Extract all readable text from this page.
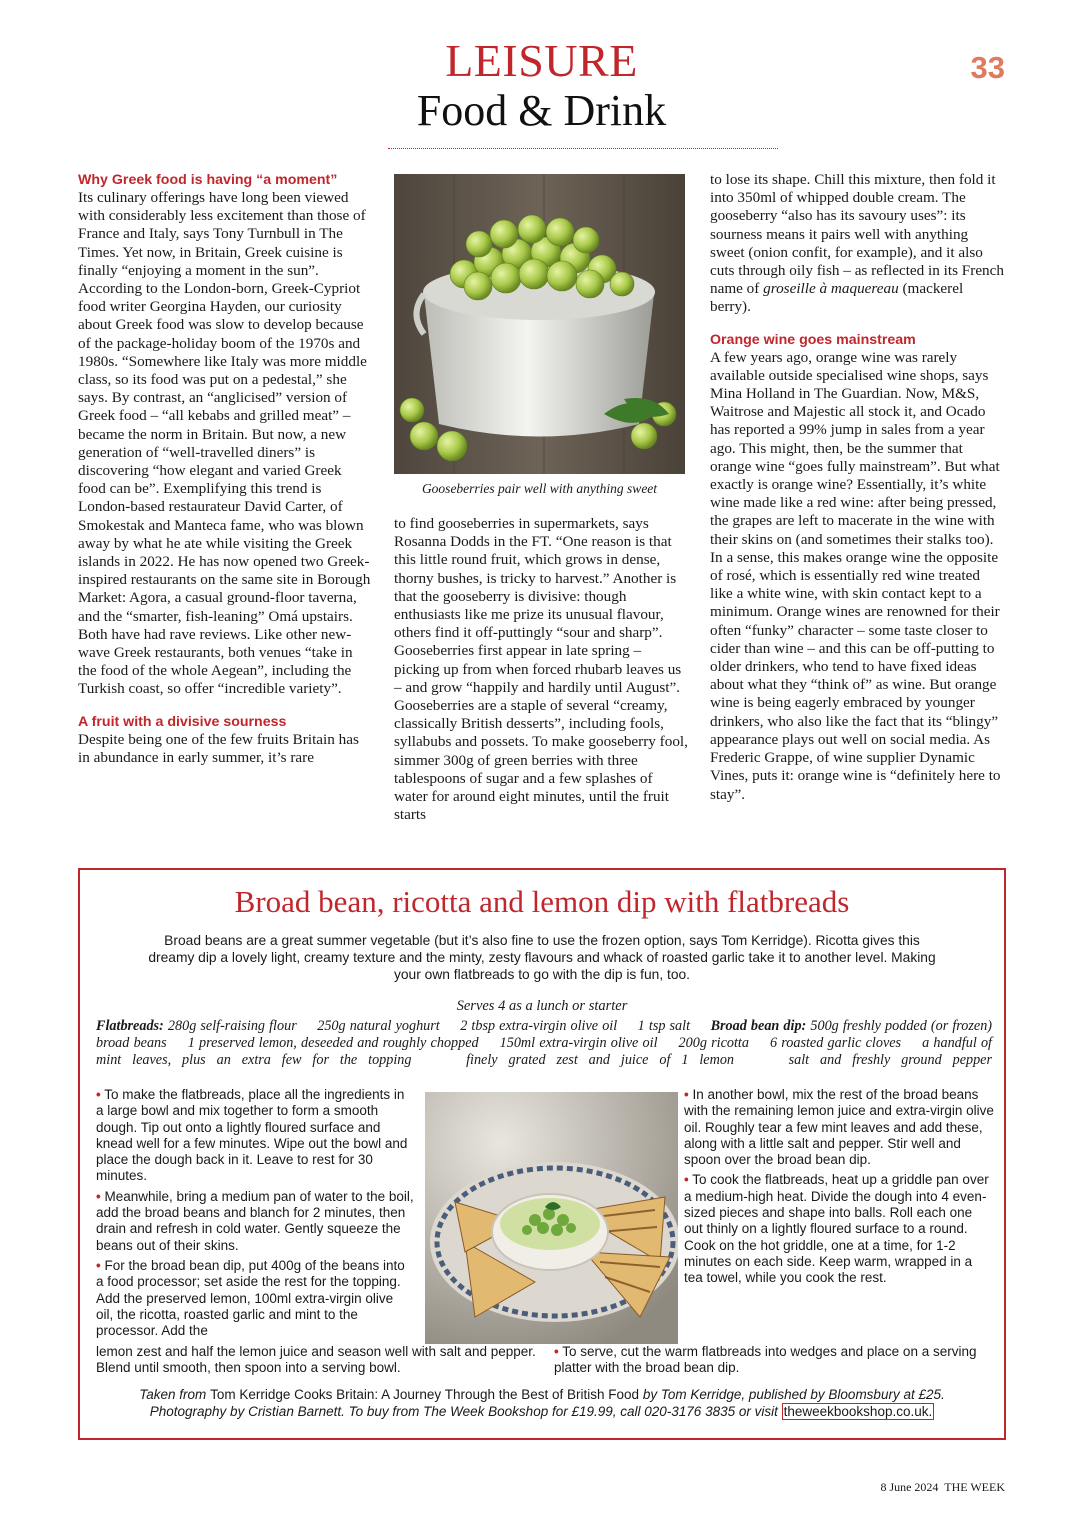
LEISURE
Food & Drink
33

Why Greek food is having “a moment”

Its culinary offerings have long been viewed with considerably less excitement than those of France and Italy, says Tony Turnbull in The Times. Yet now, in Britain, Greek cuisine is finally “enjoying a moment in the sun”. According to the London-born, Greek-Cypriot food writer Georgina Hayden, our curiosity about Greek food was slow to develop because of the package-holiday boom of the 1970s and 1980s. “Somewhere like Italy was more middle class, so its food was put on a pedestal,” she says. By contrast, an “anglicised” version of Greek food – “all kebabs and grilled meat” – became the norm in Britain. But now, a new generation of “well-travelled diners” is discovering “how elegant and varied Greek food can be”. Exemplifying this trend is London-based restaurateur David Carter, of Smokestak and Manteca fame, who was blown away by what he ate while visiting the Greek islands in 2022. He has now opened two Greek-inspired restaurants on the same site in Borough Market: Agora, a casual ground-floor taverna, and the “smarter, fish-leaning” Omá upstairs. Both have had rave reviews. Like other new-wave Greek restaurants, both venues “take in the food of the whole Aegean”, including the Turkish coast, so offer “incredible variety”.

A fruit with a divisive sourness

Despite being one of the few fruits Britain has in abundance in early summer, it’s rare

Gooseberries pair well with anything sweet

to find gooseberries in supermarkets, says Rosanna Dodds in the FT. “One reason is that this little round fruit, which grows in dense, thorny bushes, is tricky to harvest.” Another is that the gooseberry is divisive: though enthusiasts like me prize its unusual flavour, others find it off-puttingly “sour and sharp”. Gooseberries first appear in late spring – picking up from when forced rhubarb leaves us – and grow “happily and hardily until August”. Gooseberries are a staple of several “creamy, classically British desserts”, including fools, syllabubs and possets. To make gooseberry fool, simmer 300g of green berries with three tablespoons of sugar and a few splashes of water for around eight minutes, until the fruit starts

to lose its shape. Chill this mixture, then fold it into 350ml of whipped double cream. The gooseberry “also has its savoury uses”: its sourness means it pairs well with anything sweet (onion confit, for example), and it also cuts through oily fish – as reflected in its French name of groseille à maquereau (mackerel berry).

Orange wine goes mainstream

A few years ago, orange wine was rarely available outside specialised wine shops, says Mina Holland in The Guardian. Now, M&S, Waitrose and Majestic all stock it, and Ocado has reported a 99% jump in sales from a year ago. This might, then, be the summer that orange wine “goes fully mainstream”. But what exactly is orange wine? Essentially, it’s white wine made like a red wine: after being pressed, the grapes are left to macerate in the wine with their skins on (and sometimes their stalks too). In a sense, this makes orange wine the opposite of rosé, which is essentially red wine treated like a white wine, with skin contact kept to a minimum. Orange wines are renowned for their often “funky” character – some taste closer to cider than wine – and this can be off-putting to older drinkers, who tend to have fixed ideas about what they “think of” as wine. But orange wine is being eagerly embraced by younger drinkers, who also like the fact that its “blingy” appearance plays out well on social media. As Frederic Grappe, of wine supplier Dynamic Vines, puts it: orange wine is “definitely here to stay”.

Broad bean, ricotta and lemon dip with flatbreads
Broad beans are a great summer vegetable (but it’s also fine to use the frozen option, says Tom Kerridge). Ricotta gives this dreamy dip a lovely light, creamy texture and the minty, zesty flavours and whack of roasted garlic take it to another level. Making your own flatbreads to go with the dip is fun, too.
Serves 4 as a lunch or starter
Flatbreads: 280g self-raising flour     250g natural yoghurt     2 tbsp extra-virgin olive oil     1 tsp salt Broad bean dip: 500g freshly podded (or frozen) broad beans     1 preserved lemon, deseeded and roughly chopped     150ml extra-virgin olive oil     200g ricotta     6 roasted garlic cloves     a handful of mint leaves, plus an extra few for the topping     finely grated zest and juice of 1 lemon     salt and freshly ground pepper

• To make the flatbreads, place all the ingredients in a large bowl and mix together to form a smooth dough. Tip out onto a lightly floured surface and knead well for a few minutes. Wipe out the bowl and place the dough back in it. Leave to rest for 30 minutes.

• Meanwhile, bring a medium pan of water to the boil, add the broad beans and blanch for 2 minutes, then drain and refresh in cold water. Gently squeeze the beans out of their skins.

• For the broad bean dip, put 400g of the beans into a food processor; set aside the rest for the topping. Add the preserved lemon, 100ml extra-virgin olive oil, the ricotta, roasted garlic and mint to the processor. Add the

lemon zest and half the lemon juice and season well with salt and pepper. Blend until smooth, then spoon into a serving bowl.

• In another bowl, mix the rest of the broad beans with the remaining lemon juice and extra-virgin olive oil. Roughly tear a few mint leaves and add these, along with a little salt and pepper. Stir well and spoon over the broad bean dip.

• To cook the flatbreads, heat up a griddle pan over a medium-high heat. Divide the dough into 4 even-sized pieces and shape into balls. Roll each one out thinly on a lightly floured surface to a round. Cook on the hot griddle, one at a time, for 1-2 minutes on each side. Keep warm, wrapped in a tea towel, while you cook the rest.

• To serve, cut the warm flatbreads into wedges and place on a serving platter with the broad bean dip.

Taken from Tom Kerridge Cooks Britain: A Journey Through the Best of British Food by Tom Kerridge, published by Bloomsbury at £25.
Photography by Cristian Barnett. To buy from The Week Bookshop for £19.99, call 020-3176 3835 or visit theweekbookshop.co.uk.
8 June 2024 THE WEEK
